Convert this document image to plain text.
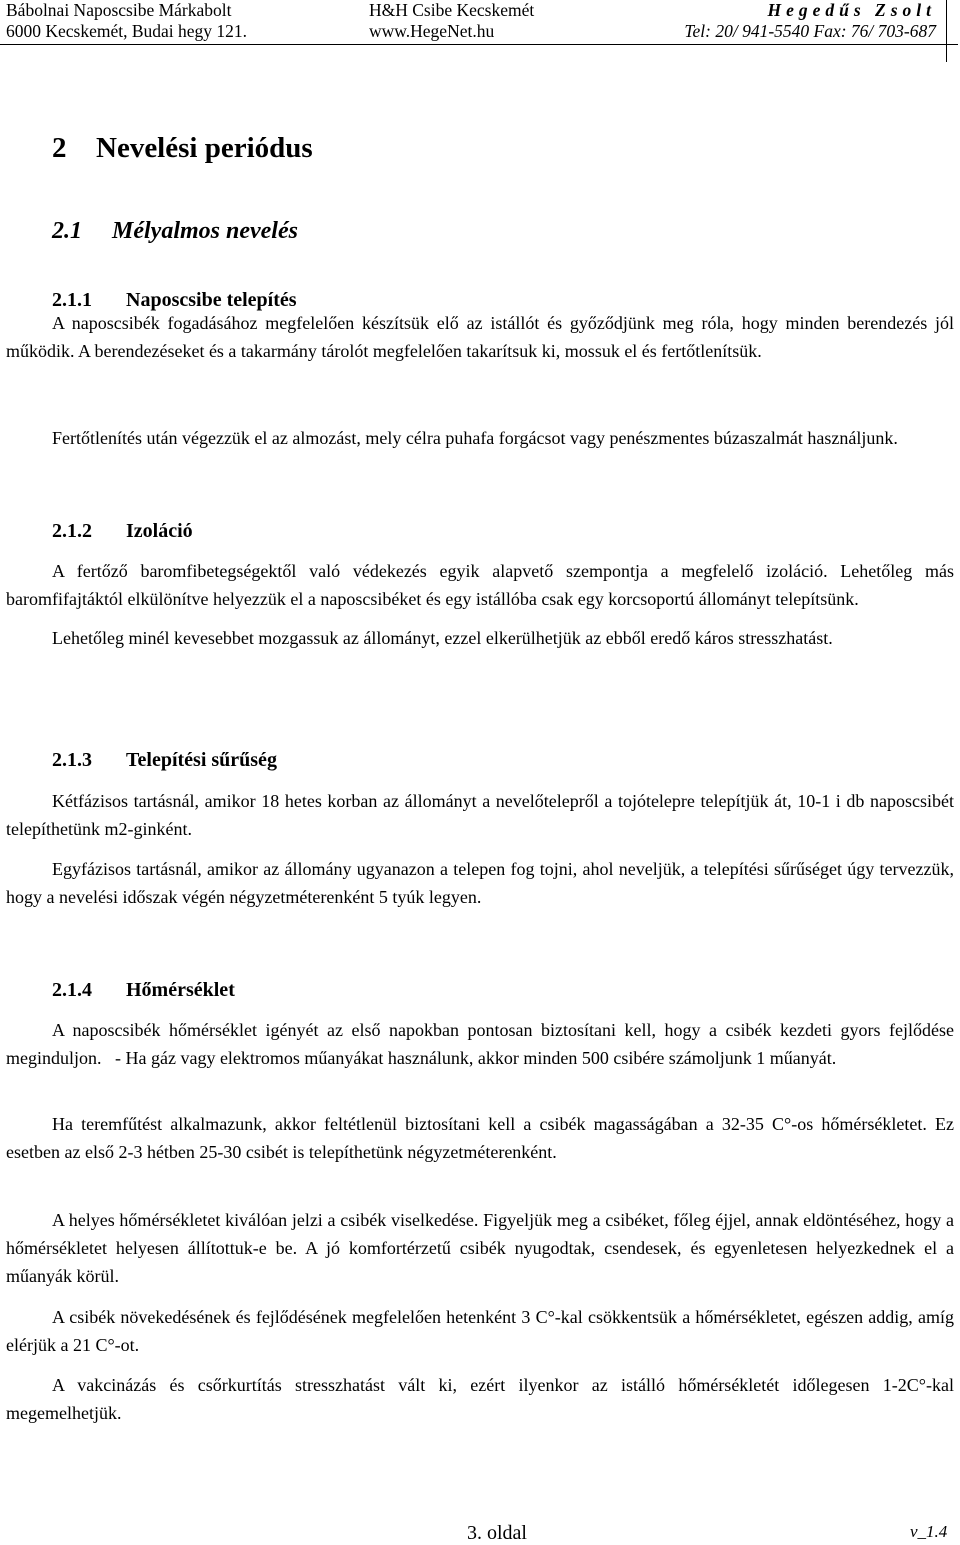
Bábolnai Naposcsibe Márkabolt
6000 Kecskemét, Budai hegy 121.
H&H Csibe Kecskemét
www.HegeNet.hu
Hegedűs Zsolt
Tel: 20/ 941-5540 Fax: 76/ 703-687
2 Nevelési periódus
2.1 Mélyalmos nevelés
2.1.1 Naposcsibe telepítés

A naposcsibék fogadásához megfelelően készítsük elő az istállót és győződjünk meg róla, hogy minden berendezés jól működik. A berendezéseket és a takarmány tárolót megfelelően takarítsuk ki, mossuk el és fertőtlenítsük.

Fertőtlenítés után végezzük el az almozást, mely célra puhafa forgácsot vagy penészmentes búzaszalmát használjunk.

2.1.2 Izoláció

A fertőző baromfibetegségektől való védekezés egyik alapvető szempontja a megfelelő izoláció. Lehetőleg más baromfifajtáktól elkülönítve helyezzük el a naposcsibéket és egy istállóba csak egy korcsoportú állományt telepítsünk.

Lehetőleg minél kevesebbet mozgassuk az állományt, ezzel elkerülhetjük az ebből eredő káros stresszhatást.

2.1.3 Telepítési sűrűség

Kétfázisos tartásnál, amikor 18 hetes korban az állományt a nevelőtelepről a tojótelepre telepítjük át, 10-1 i db naposcsibét telepíthetünk m2-ginként.

Egyfázisos tartásnál, amikor az állomány ugyanazon a telepen fog tojni, ahol neveljük, a telepítési sűrűséget úgy tervezzük, hogy a nevelési időszak végén négyzetméterenként 5 tyúk legyen.

2.1.4 Hőmérséklet

A naposcsibék hőmérséklet igényét az első napokban pontosan biztosítani kell, hogy a csibék kezdeti gyors fejlődése meginduljon.   - Ha gáz vagy elektromos műanyákat használunk, akkor minden 500 csibére számoljunk 1 műanyát.

Ha teremfűtést alkalmazunk, akkor feltétlenül biztosítani kell a csibék magasságában a 32-35 C°-os hőmérsékletet. Ez esetben az első 2-3 hétben 25-30 csibét is telepíthetünk négyzetméterenként.

A helyes hőmérsékletet kiválóan jelzi a csibék viselkedése. Figyeljük meg a csibéket, főleg éjjel, annak eldöntéséhez, hogy a hőmérsékletet helyesen állítottuk-e be. A jó komfortérzetű csibék nyugodtak, csendesek, és egyenletesen helyezkednek el a műanyák körül.

A csibék növekedésének és fejlődésének megfelelően hetenként 3 C°-kal csökkentsük a hőmérsékletet, egészen addig, amíg elérjük a 21 C°-ot.

A vakcinázás és csőrkurtítás stresszhatást vált ki, ezért ilyenkor az istálló hőmérsékletét időlegesen 1-2C°-kal megemelhetjük.

3. oldal	v_1.4
